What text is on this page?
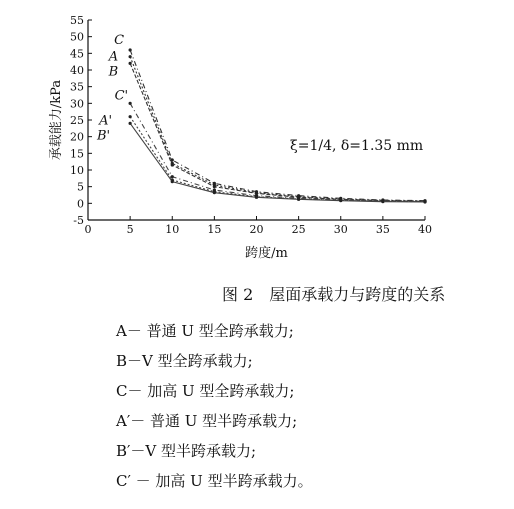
-5
0
5
10
15
20
25
30
35
40
45
50
55
0	5	10	15	20	25	30	35	40
承载能力/kPa
跨度/m
ξ=1/4, δ=1.35 mm
C
A
B
C'
A'
B'
图 2　屋面承载力与跨度的关系
A－ 普通 U 型全跨承载力;
B－V 型全跨承载力;
C－ 加高 U 型全跨承载力;
A′－ 普通 U 型半跨承载力;
B′－V 型半跨承载力;
C′ － 加高 U 型半跨承载力。
